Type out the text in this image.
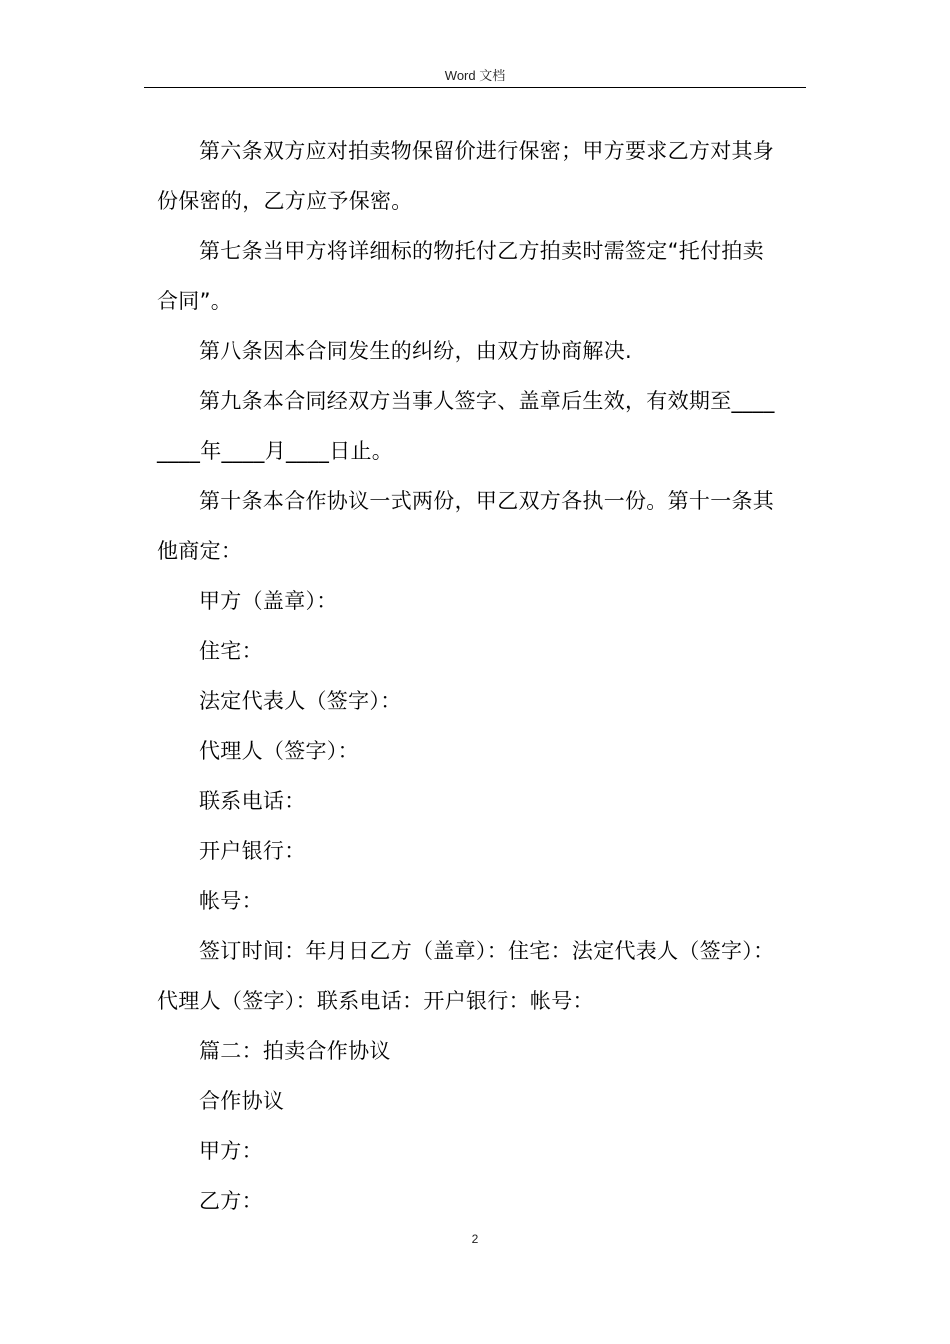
Word 文档

第六条双方应对拍卖物保留价进行保密；甲方要求乙方对其身
份保密的，乙方应予保密。

第七条当甲方将详细标的物托付乙方拍卖时需签定“托付拍卖
合同”。

第八条因本合同发生的纠纷，由双方协商解决.

第九条本合同经双方当事人签字、盖章后生效，有效期至____
____年____月____日止。

第十条本合作协议一式两份，甲乙双方各执一份。第十一条其
他商定：

甲方（盖章）：

住宅：

法定代表人（签字）：

代理人（签字）：

联系电话：

开户银行：

帐号：

签订时间：年月日乙方（盖章）：住宅：法定代表人（签字）：
代理人（签字）：联系电话：开户银行：帐号：

篇二：拍卖合作协议

合作协议

甲方：

乙方：

2
